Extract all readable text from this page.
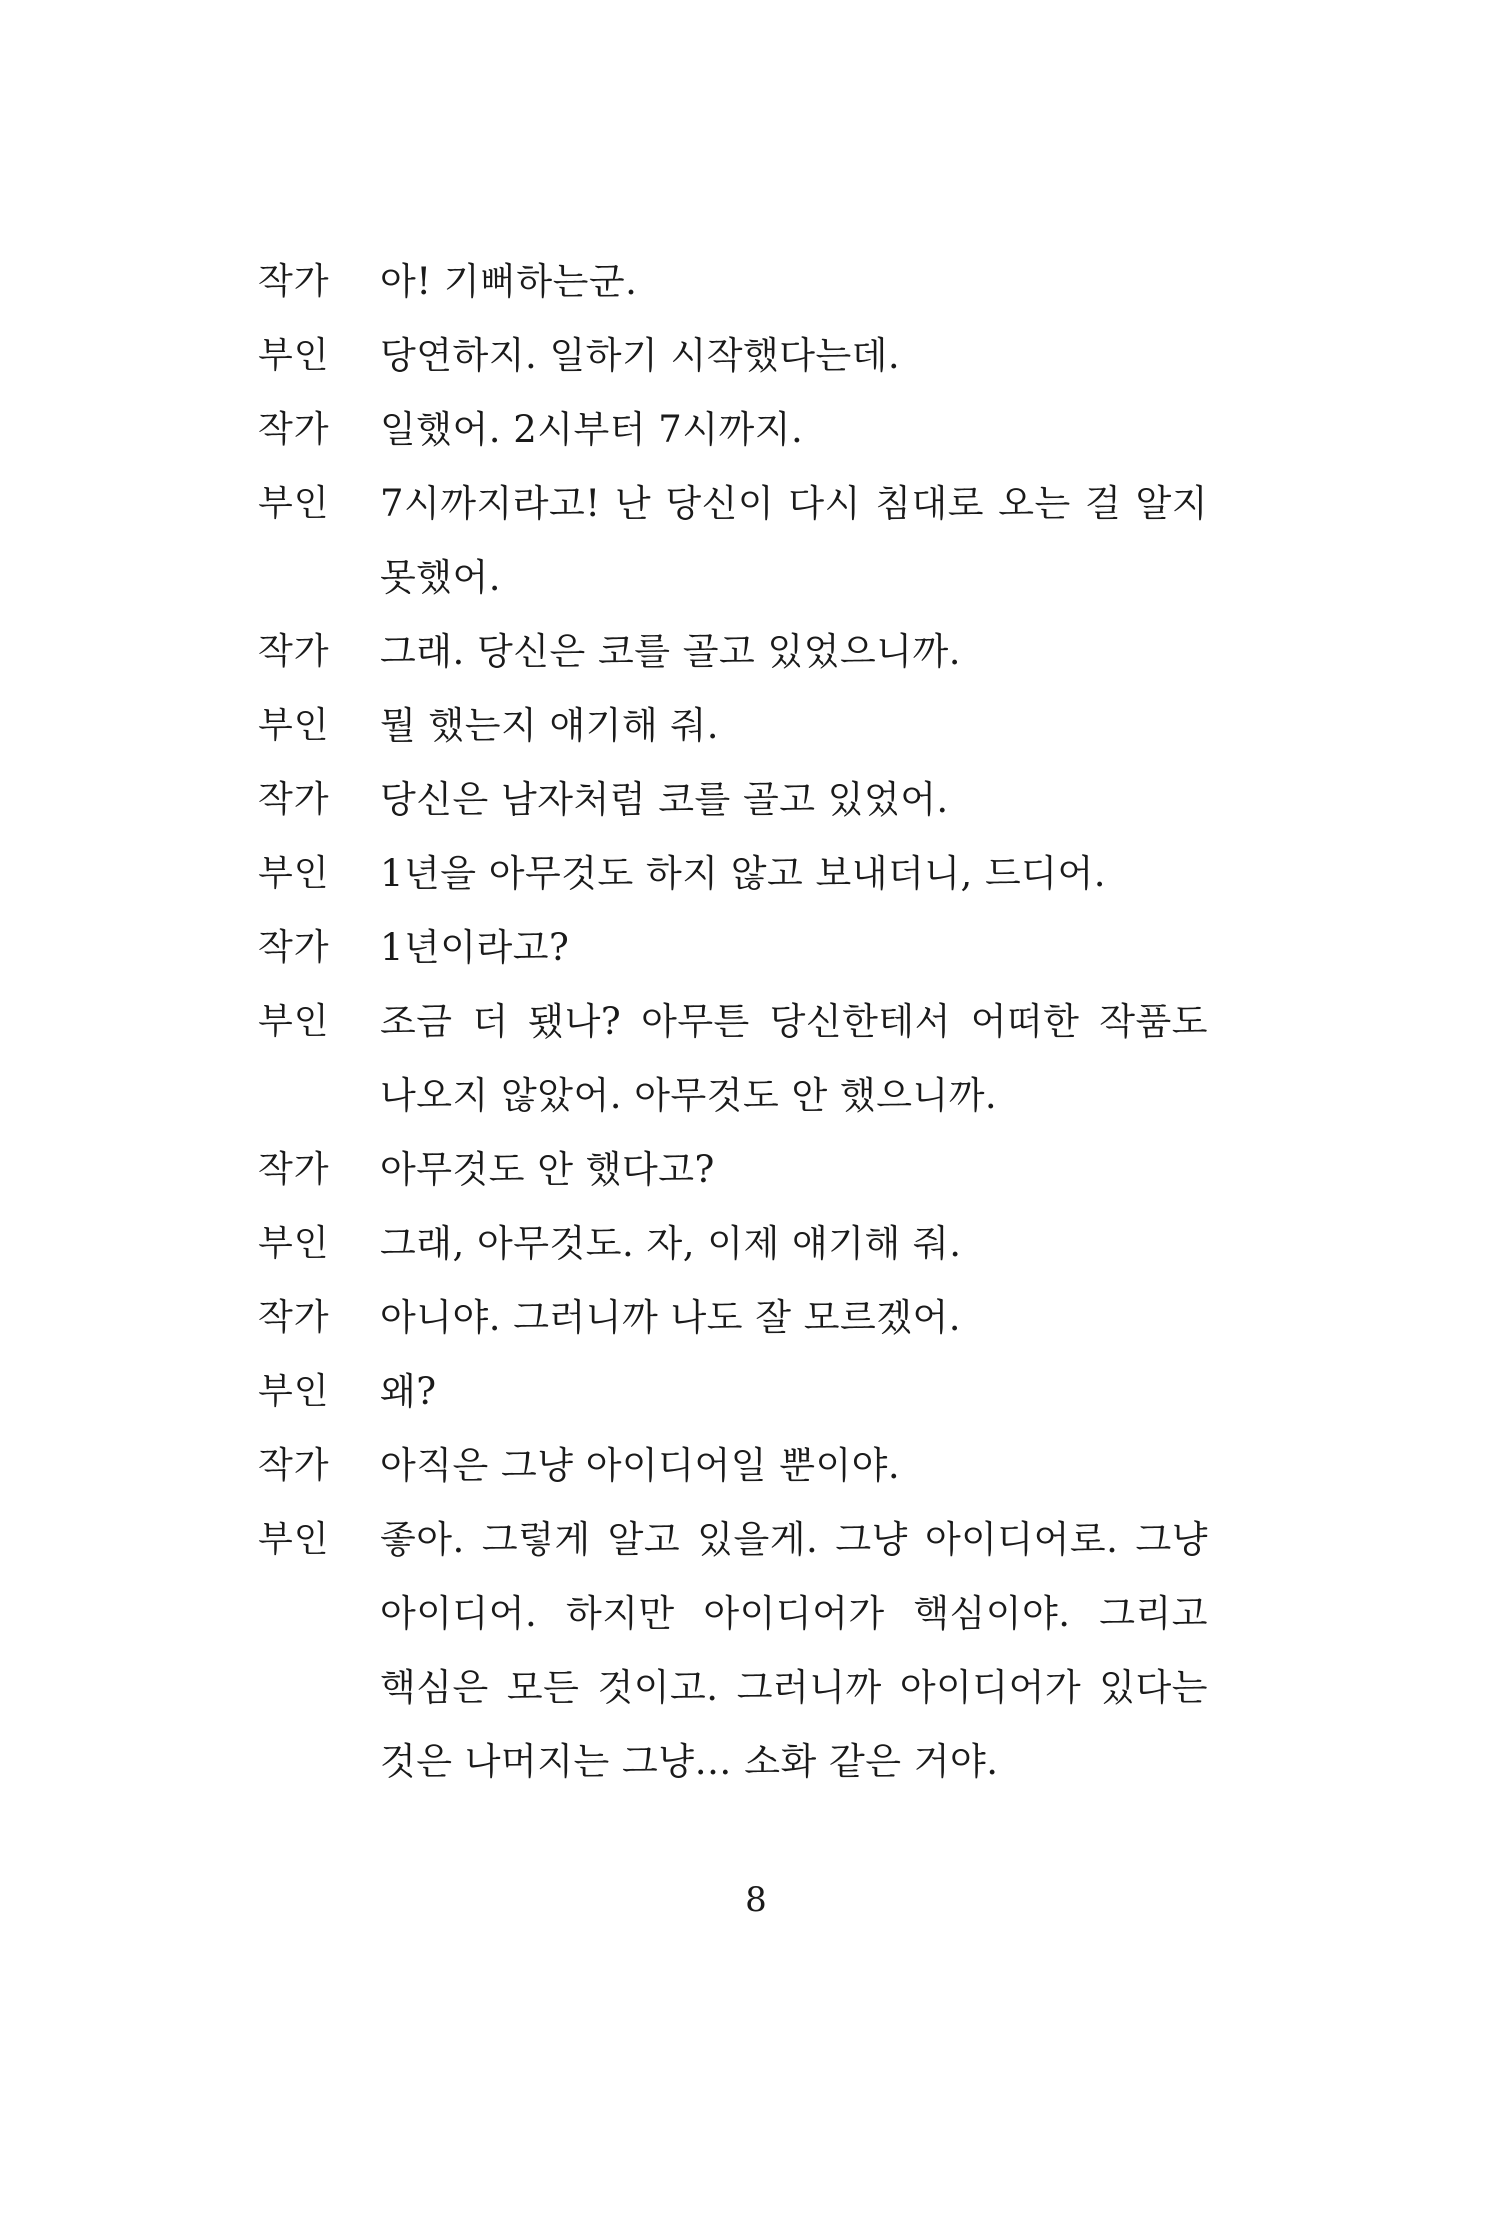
작가	아! 기뻐하는군.
부인	당연하지. 일하기 시작했다는데.
작가	일했어. 2시부터 7시까지.
부인	7시까지라고! 난 당신이 다시 침대로 오는 걸 알지 못했어.
작가	그래. 당신은 코를 골고 있었으니까.
부인	뭘 했는지 얘기해 줘.
작가	당신은 남자처럼 코를 골고 있었어.
부인	1년을 아무것도 하지 않고 보내더니, 드디어.
작가	1년이라고?
부인	조금 더 됐나? 아무튼 당신한테서 어떠한 작품도 나오지 않았어. 아무것도 안 했으니까.
작가	아무것도 안 했다고?
부인	그래, 아무것도. 자, 이제 얘기해 줘.
작가	아니야. 그러니까 나도 잘 모르겠어.
부인	왜?
작가	아직은 그냥 아이디어일 뿐이야.
부인	좋아. 그렇게 알고 있을게. 그냥 아이디어로. 그냥 아이디어. 하지만 아이디어가 핵심이야. 그리고 핵심은 모든 것이고. 그러니까 아이디어가 있다는 것은 나머지는 그냥… 소화 같은 거야.
8
